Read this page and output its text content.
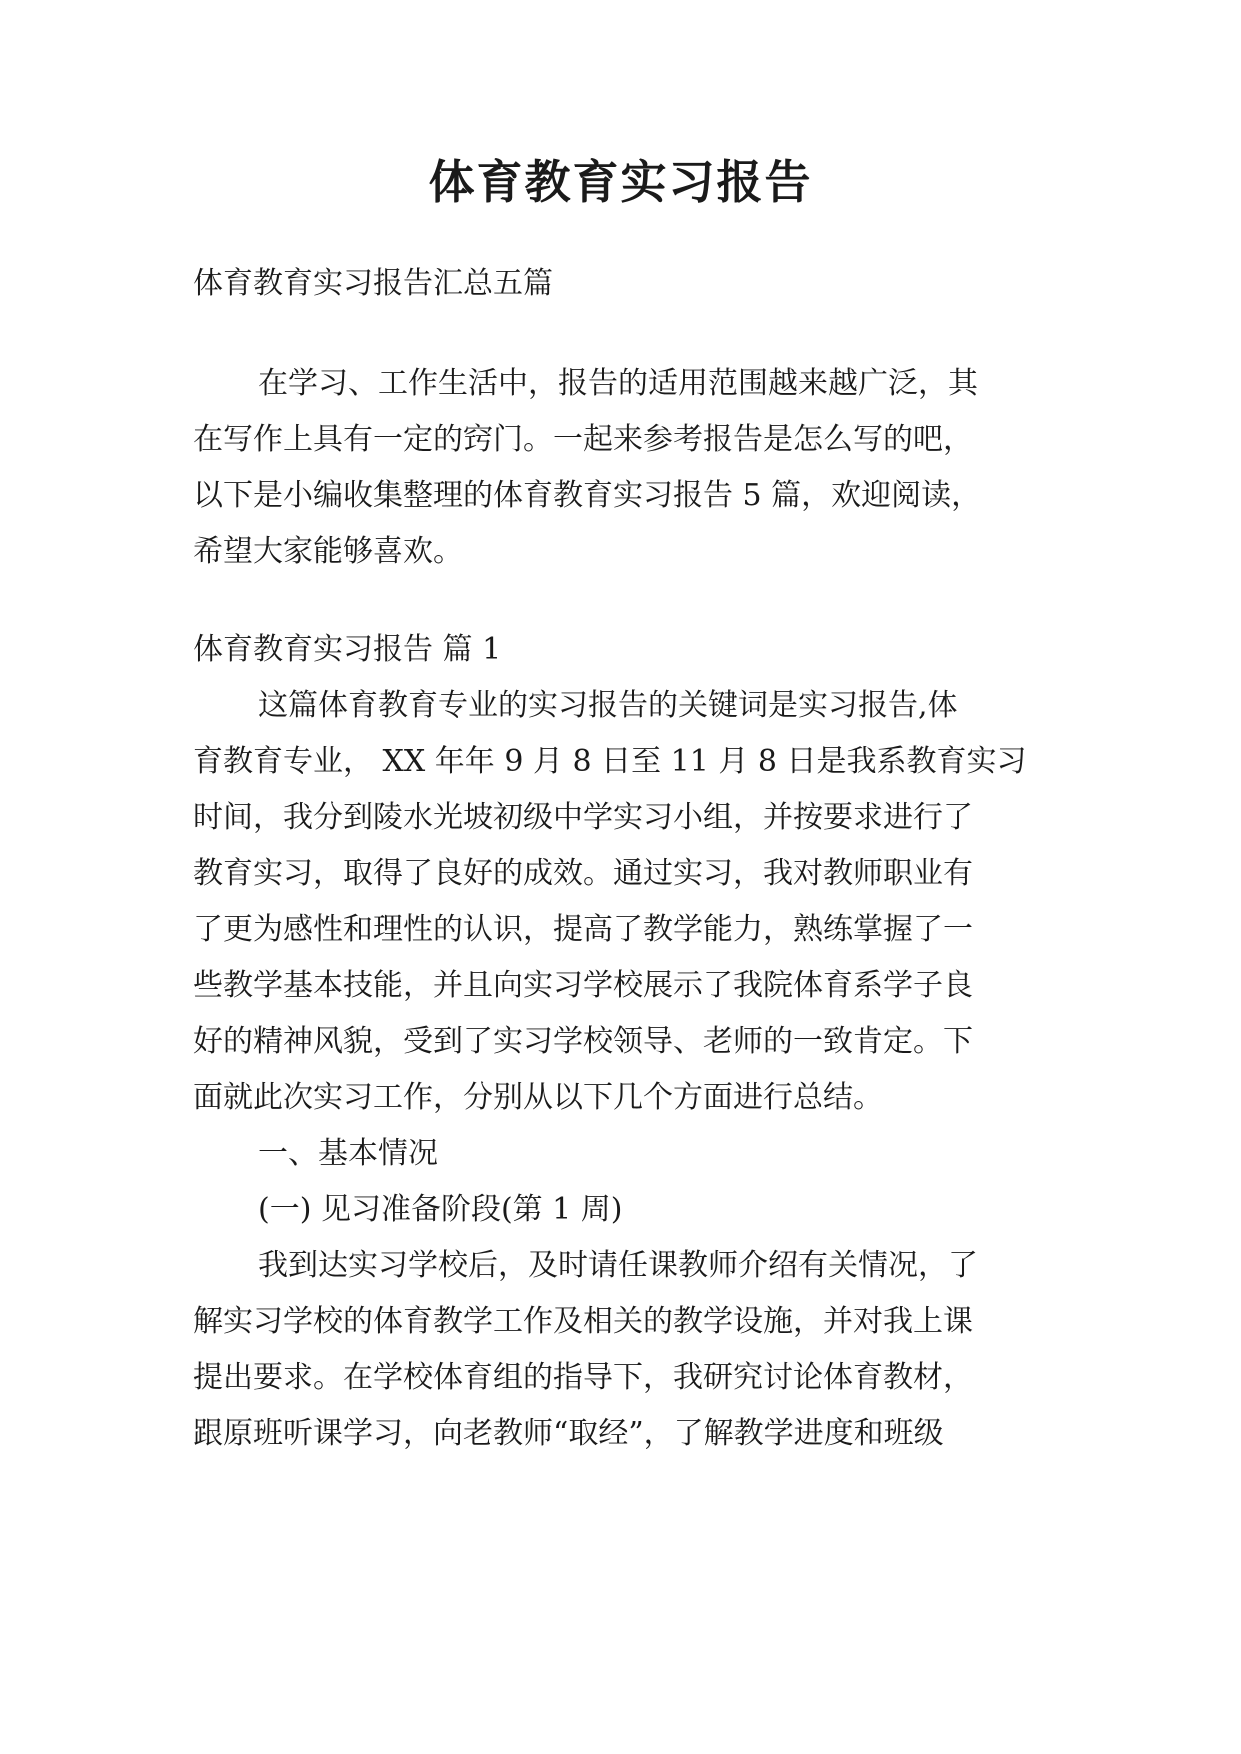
体育教育实习报告

体育教育实习报告汇总五篇

在学习、工作生活中，报告的适用范围越来越广泛，其

在写作上具有一定的窍门。一起来参考报告是怎么写的吧，

以下是小编收集整理的体育教育实习报告 5 篇，欢迎阅读，

希望大家能够喜欢。

体育教育实习报告 篇 1

这篇体育教育专业的实习报告的关键词是实习报告,体

育教育专业， XX 年年 9 月 8 日至 11 月 8 日是我系教育实习

时间，我分到陵水光坡初级中学实习小组，并按要求进行了

教育实习，取得了良好的成效。通过实习，我对教师职业有

了更为感性和理性的认识，提高了教学能力，熟练掌握了一

些教学基本技能，并且向实习学校展示了我院体育系学子良

好的精神风貌，受到了实习学校领导、老师的一致肯定。下

面就此次实习工作，分别从以下几个方面进行总结。

一、基本情况

(一) 见习准备阶段(第 1 周)

我到达实习学校后，及时请任课教师介绍有关情况，了

解实习学校的体育教学工作及相关的教学设施，并对我上课

提出要求。在学校体育组的指导下，我研究讨论体育教材，

跟原班听课学习，向老教师“取经”，了解教学进度和班级
